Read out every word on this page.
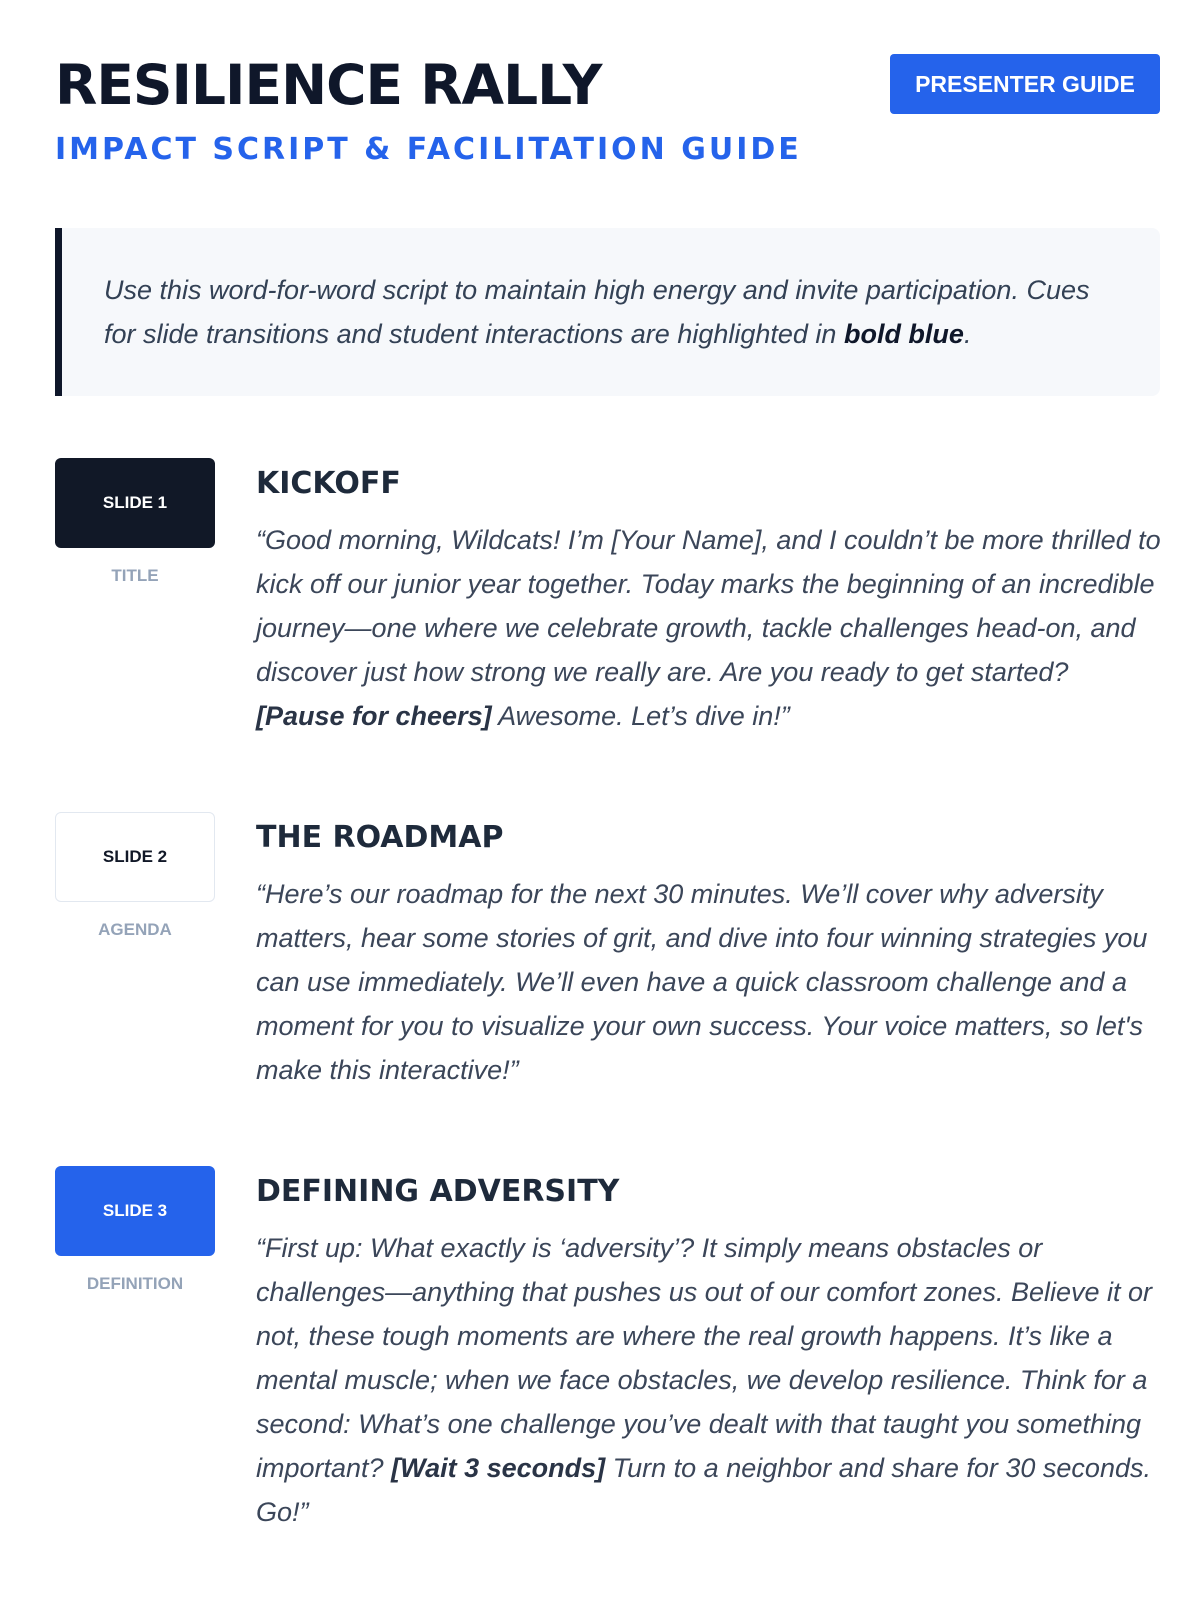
RESILIENCE RALLY
IMPACT SCRIPT & FACILITATION GUIDE
PRESENTER GUIDE
Use this word-for-word script to maintain high energy and invite participation. Cues for slide transitions and student interactions are highlighted in bold blue.
SLIDE 1
TITLE
KICKOFF

“Good morning, Wildcats! I’m [Your Name], and I couldn’t be more thrilled to kick off our junior year together. Today marks the beginning of an incredible journey—one where we celebrate growth, tackle challenges head-on, and discover just how strong we really are. Are you ready to get started? [Pause for cheers] Awesome. Let’s dive in!”

SLIDE 2
AGENDA
THE ROADMAP

“Here’s our roadmap for the next 30 minutes. We’ll cover why adversity matters, hear some stories of grit, and dive into four winning strategies you can use immediately. We’ll even have a quick classroom challenge and a moment for you to visualize your own success. Your voice matters, so let's make this interactive!”

SLIDE 3
DEFINITION
DEFINING ADVERSITY

“First up: What exactly is ‘adversity’? It simply means obstacles or challenges—anything that pushes us out of our comfort zones. Believe it or not, these tough moments are where the real growth happens. It’s like a mental muscle; when we face obstacles, we develop resilience. Think for a second: What’s one challenge you’ve dealt with that taught you something important? [Wait 3 seconds] Turn to a neighbor and share for 30 seconds. Go!”
